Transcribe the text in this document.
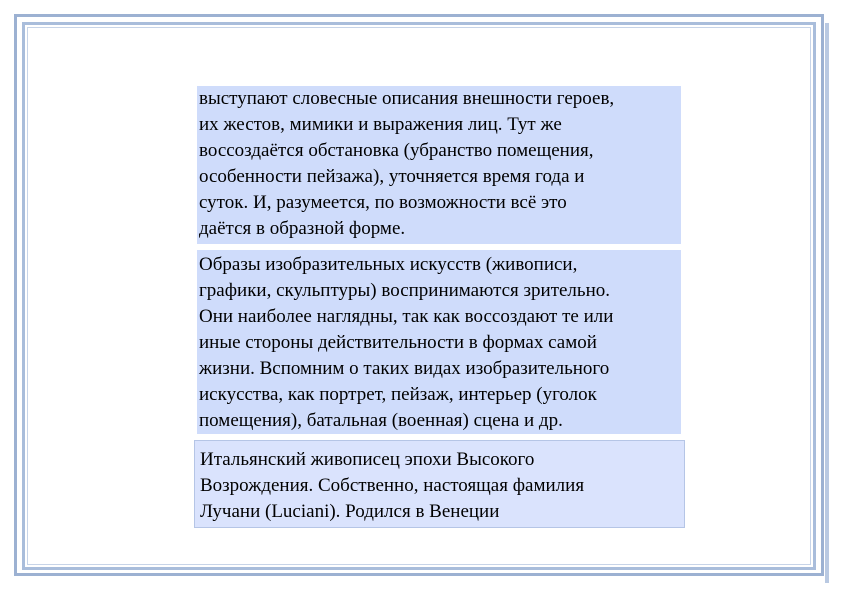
выступают словесные описания внешности героев,
их жестов, мимики и выражения лиц. Тут же
воссоздаётся обстановка (убранство помещения,
особенности пейзажа), уточняется время года и
суток. И, разумеется, по возможности всё это
даётся в образной форме.
Образы изобразительных искусств (живописи,
графики, скульптуры) воспринимаются зрительно.
Они наиболее наглядны, так как воссоздают те или
иные стороны действительности в формах самой
жизни. Вспомним о таких видах изобразительного
искусства, как портрет, пейзаж, интерьер (уголок
помещения), батальная (военная) сцена и др.
Итальянский живописец эпохи Высокого
Возрождения. Собственно, настоящая фамилия
Лучани (Luciani). Родился в Венеции
